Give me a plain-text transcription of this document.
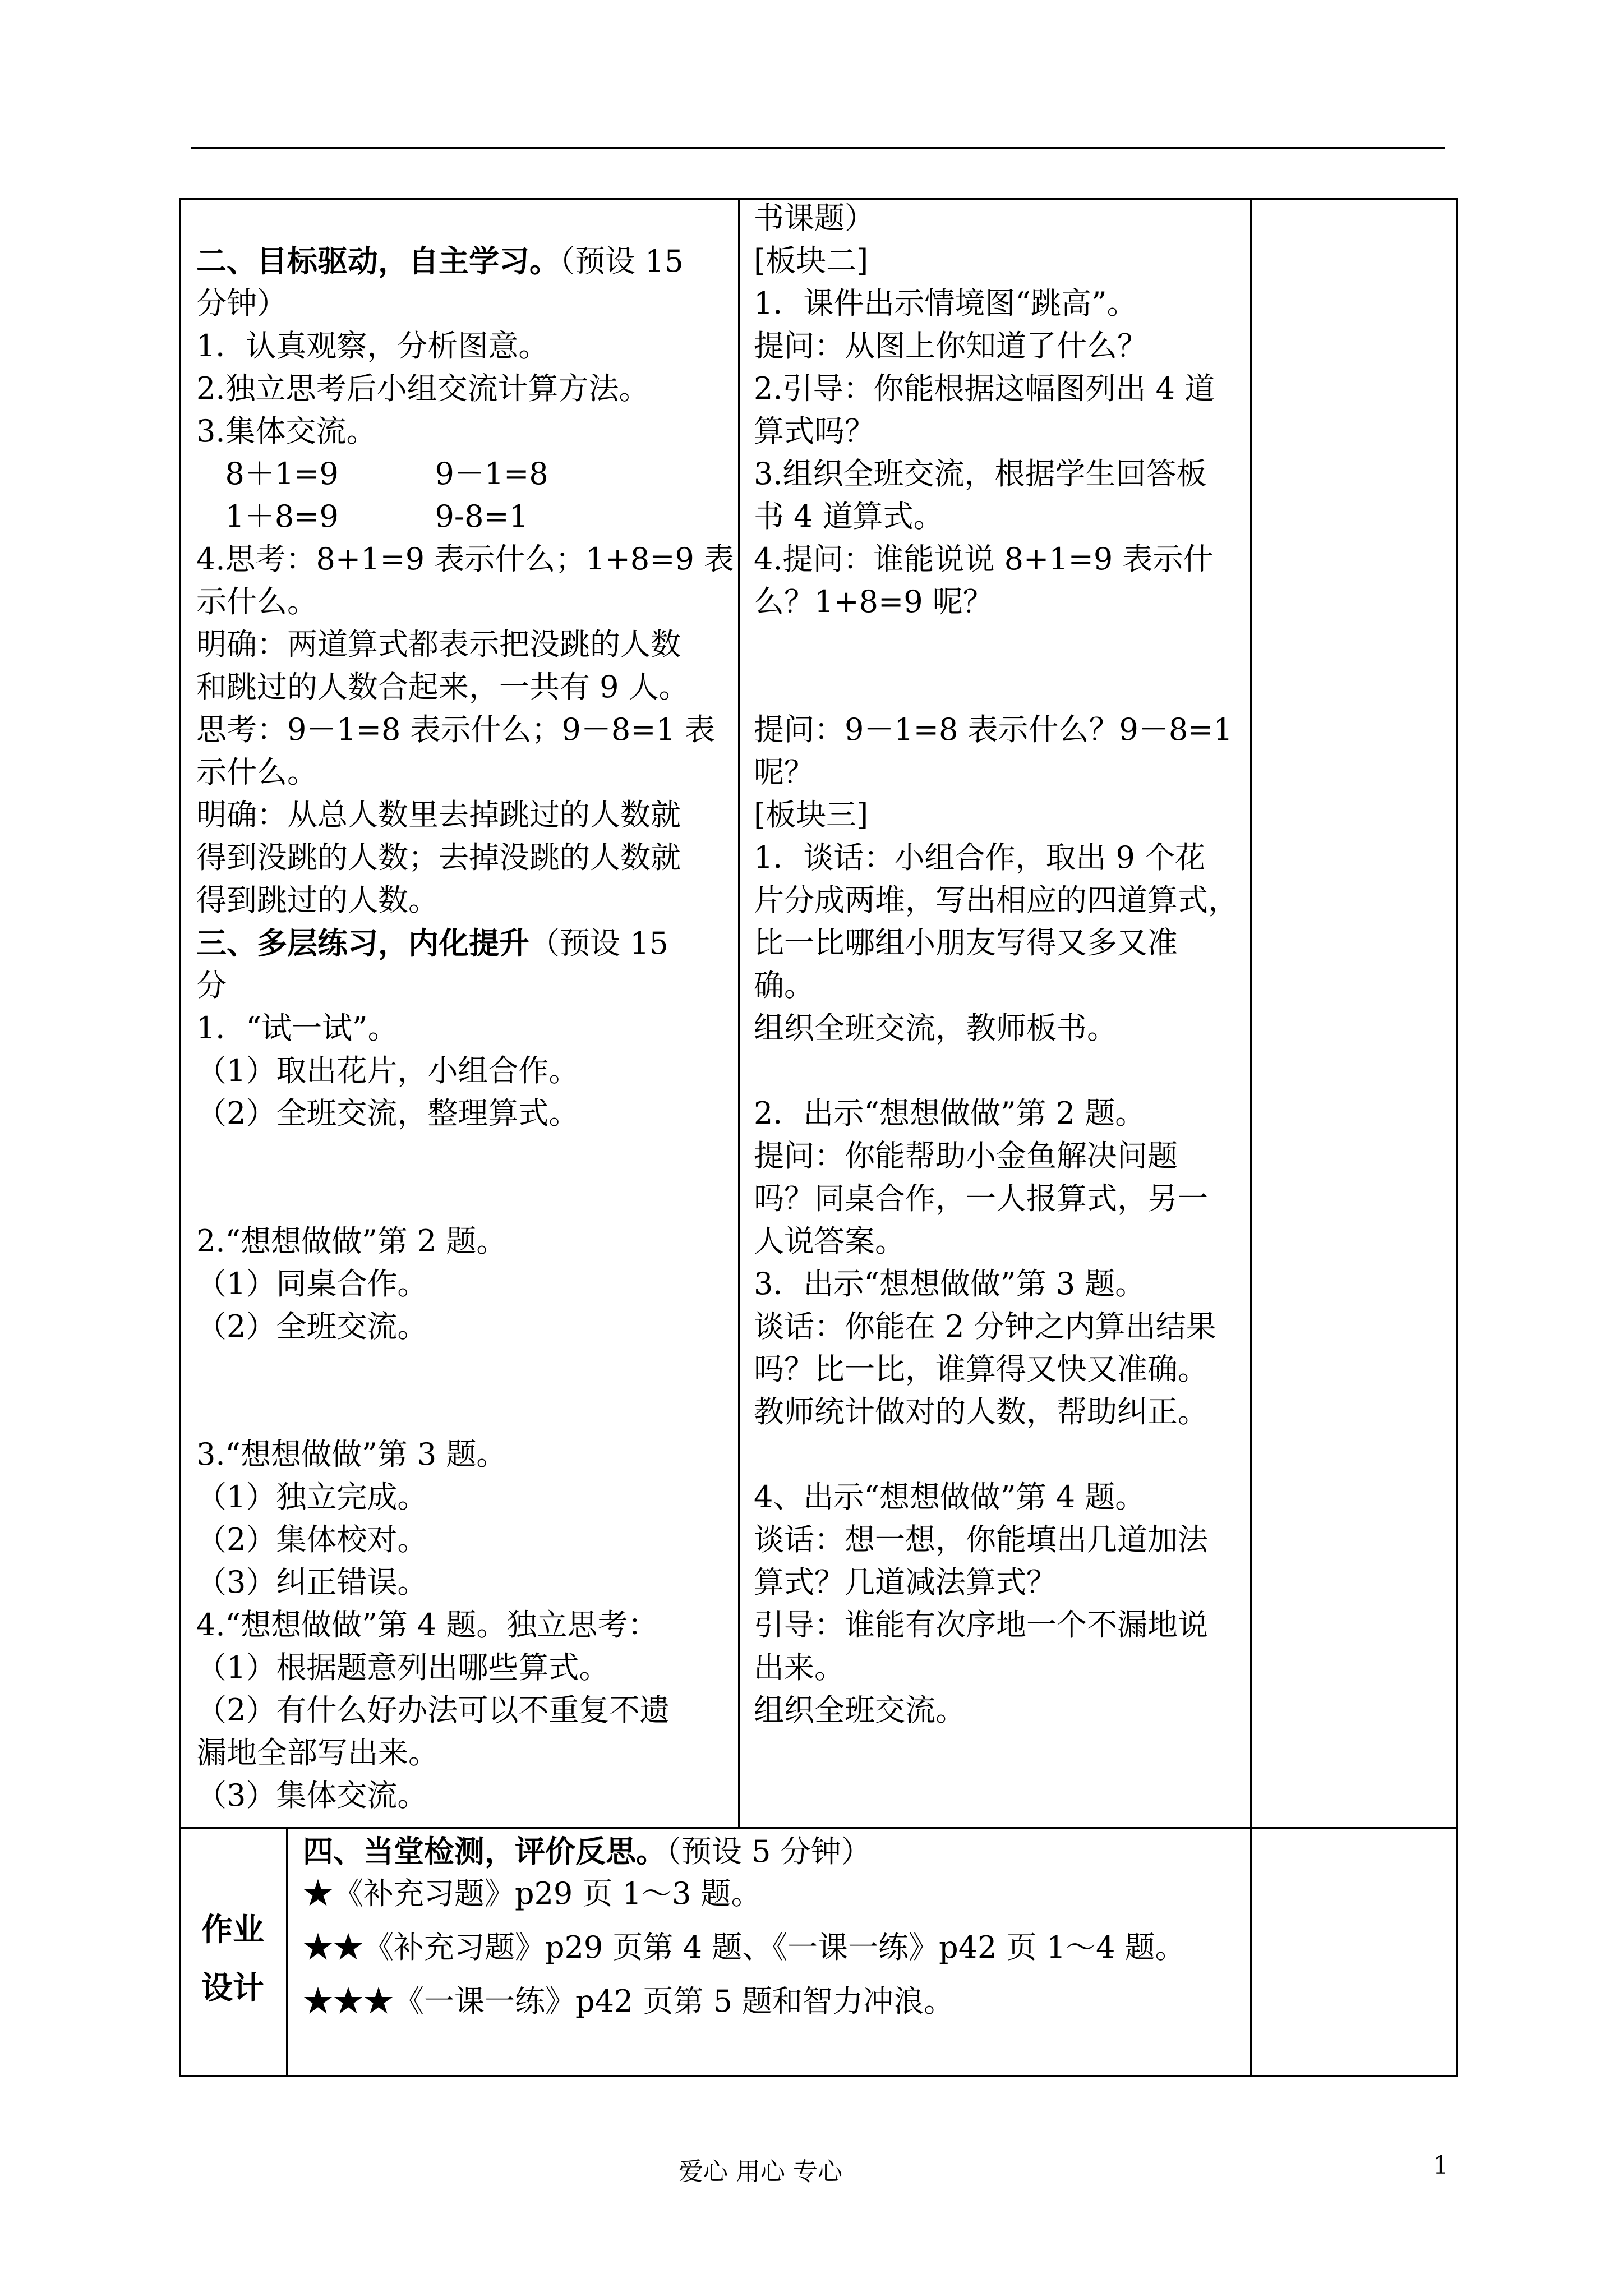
二、目标驱动，自主学习。（预设 15
分钟）
1．认真观察，分析图意。
2.独立思考后小组交流计算方法。
3.集体交流。
8＋1=9          9－1=8
1＋8=9          9-8=1
4.思考：8+1=9 表示什么；1+8=9 表
示什么。
明确：两道算式都表示把没跳的人数
和跳过的人数合起来，一共有 9 人。
思考：9－1=8 表示什么；9－8=1 表
示什么。
明确：从总人数里去掉跳过的人数就
得到没跳的人数；去掉没跳的人数就
得到跳过的人数。
三、多层练习，内化提升（预设 15
分
1．“试一试”。
（1）取出花片，小组合作。
（2）全班交流，整理算式。
2.“想想做做”第 2 题。
（1）同桌合作。
（2）全班交流。
3.“想想做做”第 3 题。
（1）独立完成。
（2）集体校对。
（3）纠正错误。
4.“想想做做”第 4 题。独立思考：
（1）根据题意列出哪些算式。
（2）有什么好办法可以不重复不遗
漏地全部写出来。
（3）集体交流。
书课题）
[板块二]
1．课件出示情境图“跳高”。
提问：从图上你知道了什么？
2.引导：你能根据这幅图列出 4 道
算式吗？
3.组织全班交流，根据学生回答板
书 4 道算式。
4.提问：谁能说说 8+1=9 表示什
么？1+8=9 呢？
提问：9－1=8 表示什么？9－8=1
呢？
[板块三]
1．谈话：小组合作，取出 9 个花
片分成两堆，写出相应的四道算式，
比一比哪组小朋友写得又多又准
确。
组织全班交流，教师板书。
2．出示“想想做做”第 2 题。
提问：你能帮助小金鱼解决问题
吗？同桌合作，一人报算式，另一
人说答案。
3．出示“想想做做”第 3 题。
谈话：你能在 2 分钟之内算出结果
吗？比一比，谁算得又快又准确。
教师统计做对的人数，帮助纠正。
4、出示“想想做做”第 4 题。
谈话：想一想，你能填出几道加法
算式？几道减法算式？
引导：谁能有次序地一个不漏地说
出来。
组织全班交流。
作业
设计
四、当堂检测，评价反思。（预设 5 分钟）
★《补充习题》p29 页 1～3 题。
★★《补充习题》p29 页第 4 题、《一课一练》p42 页 1～4 题。
★★★《一课一练》p42 页第 5 题和智力冲浪。
爱心 用心 专心	1
